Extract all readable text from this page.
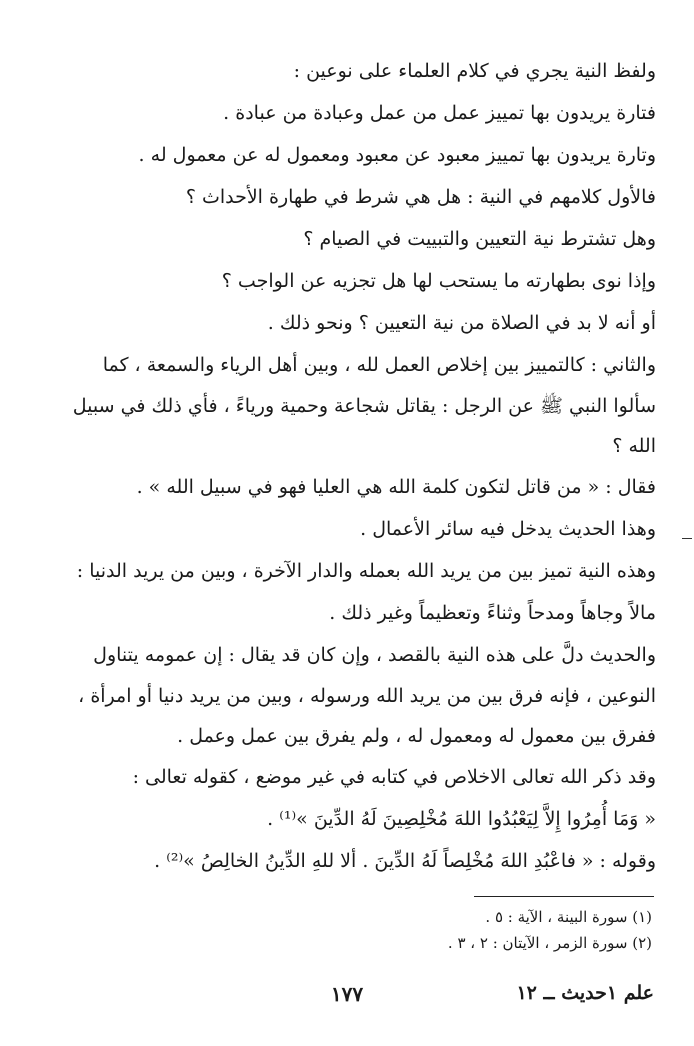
ولفظ النية يجري في كلام العلماء على نوعين :
فتارة يريدون بها تمييز عمل من عمل وعبادة من عبادة .
وتارة يريدون بها تمييز معبود عن معبود ومعمول له عن معمول له .
فالأول كلامهم في النية : هل هي شرط في طهارة الأحداث ؟
وهل تشترط نية التعيين والتبييت في الصيام ؟
وإذا نوى بطهارته ما يستحب لها هل تجزيه عن الواجب ؟
أو أنه لا بد في الصلاة من نية التعيين ؟ ونحو ذلك .
والثاني : كالتمييز بين إخلاص العمل لله ، وبين أهل الرياء والسمعة ، كما
سألوا النبي ﷺ عن الرجل : يقاتل شجاعة وحمية ورياءً ، فأي ذلك في سبيل
الله ؟
فقال : « من قاتل لتكون كلمة الله هي العليا فهو في سبيل الله » .
وهذا الحديث يدخل فيه سائر الأعمال .
وهذه النية تميز بين من يريد الله بعمله والدار الآخرة ، وبين من يريد الدنيا :
مالاً وجاهاً ومدحاً وثناءً وتعظيماً وغير ذلك .
والحديث دلَّ على هذه النية بالقصد ، وإن كان قد يقال : إن عمومه يتناول
النوعين ، فإنه فرق بين من يريد الله ورسوله ، وبين من يريد دنيا أو امرأة ،
ففرق بين معمول له ومعمول له ، ولم يفرق بين عمل وعمل .
وقد ذكر الله تعالى الاخلاص في كتابه في غير موضع ، كقوله تعالى :
« وَمَا أُمِرُوا إِلاَّ لِيَعْبُدُوا اللهَ مُخْلِصِينَ لَهُ الدِّينَ »⁽¹⁾ .
وقوله : « فاعْبُدِ اللهَ مُخْلِصاً لَهُ الدِّينَ . ألا للهِ الدِّينُ الخالِصُ »⁽²⁾ .
(١) سورة البينة ، الآية : ٥ .
(٢) سورة الزمر ، الآيتان : ٢ ، ٣ .
علم ١حديث ــ ١٢
١٧٧
